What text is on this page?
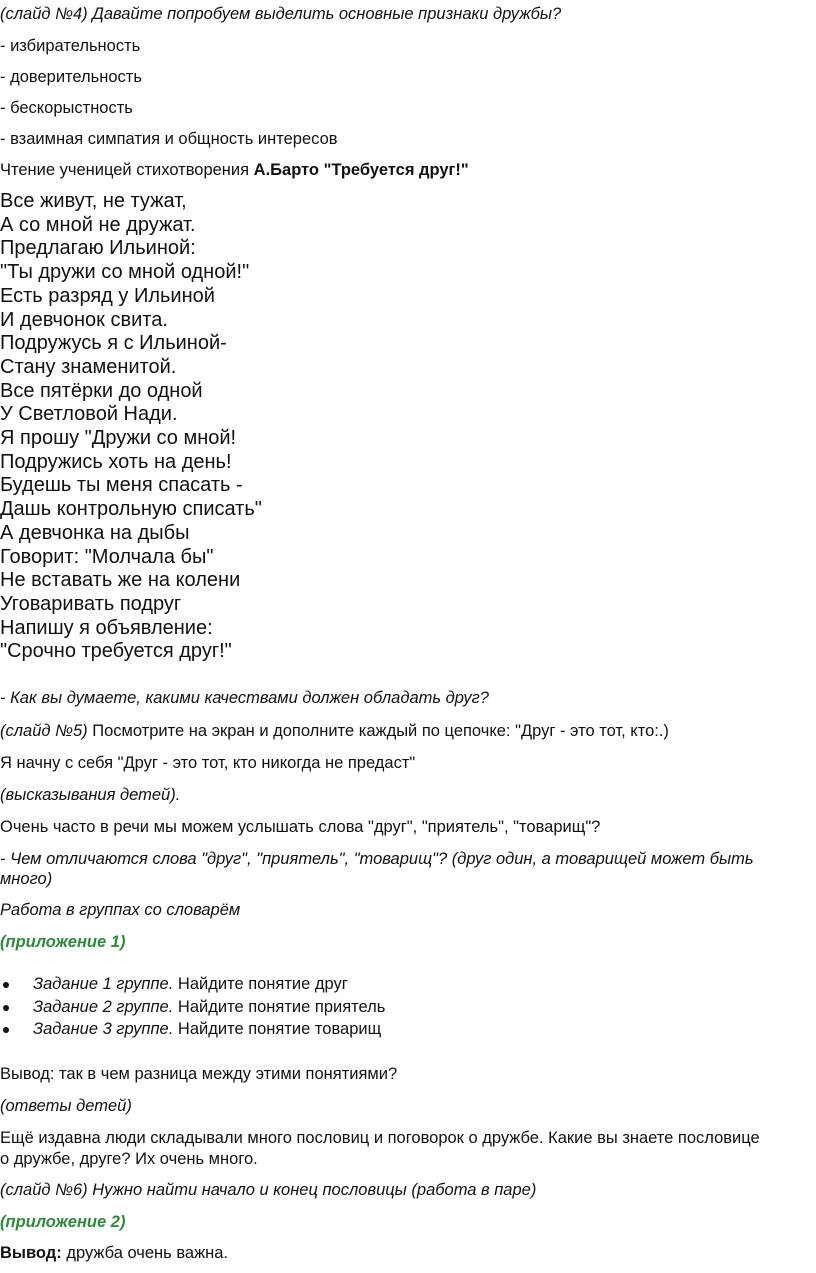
(слайд №4) Давайте попробуем выделить основные признаки дружбы?
- избирательность
- доверительность
- бескорыстность
- взаимная симпатия и общность интересов
Чтение ученицей стихотворения А.Барто "Требуется друг!"
Все живут, не тужат,
А со мной не дружат.
Предлагаю Ильиной:
"Ты дружи со мной одной!"
Есть разряд у Ильиной
И девчонок свита.
Подружусь я с Ильиной-
Стану знаменитой.
Все пятёрки до одной
У Светловой Нади.
Я прошу "Дружи со мной!
Подружись хоть на день!
Будешь ты меня спасать -
Дашь контрольную списать"
А девчонка на дыбы
Говорит: "Молчала бы"
Не вставать же на колени
Уговаривать подруг
Напишу я объявление:
"Срочно требуется друг!"
- Как вы думаете, какими качествами должен обладать друг?
(слайд №5) Посмотрите на экран и дополните каждый по цепочке: "Друг - это тот, кто:.)
Я начну с себя "Друг - это тот, кто никогда не предаст"
(высказывания детей).
Очень часто в речи мы можем услышать слова "друг", "приятель", "товарищ"?
- Чем отличаются слова "друг", "приятель", "товарищ"? (друг один, а товарищей может быть
много)
Работа в группах со словарём
(приложение 1)
Задание 1 группе. Найдите понятие друг
Задание 2 группе. Найдите понятие приятель
Задание 3 группе. Найдите понятие товарищ
Вывод: так в чем разница между этими понятиями?
(ответы детей)
Ещё издавна люди складывали много пословиц и поговорок о дружбе. Какие вы знаете пословице
о дружбе, друге? Их очень много.
(слайд №6) Нужно найти начало и конец пословицы (работа в паре)
(приложение 2)
Вывод: дружба очень важна.
